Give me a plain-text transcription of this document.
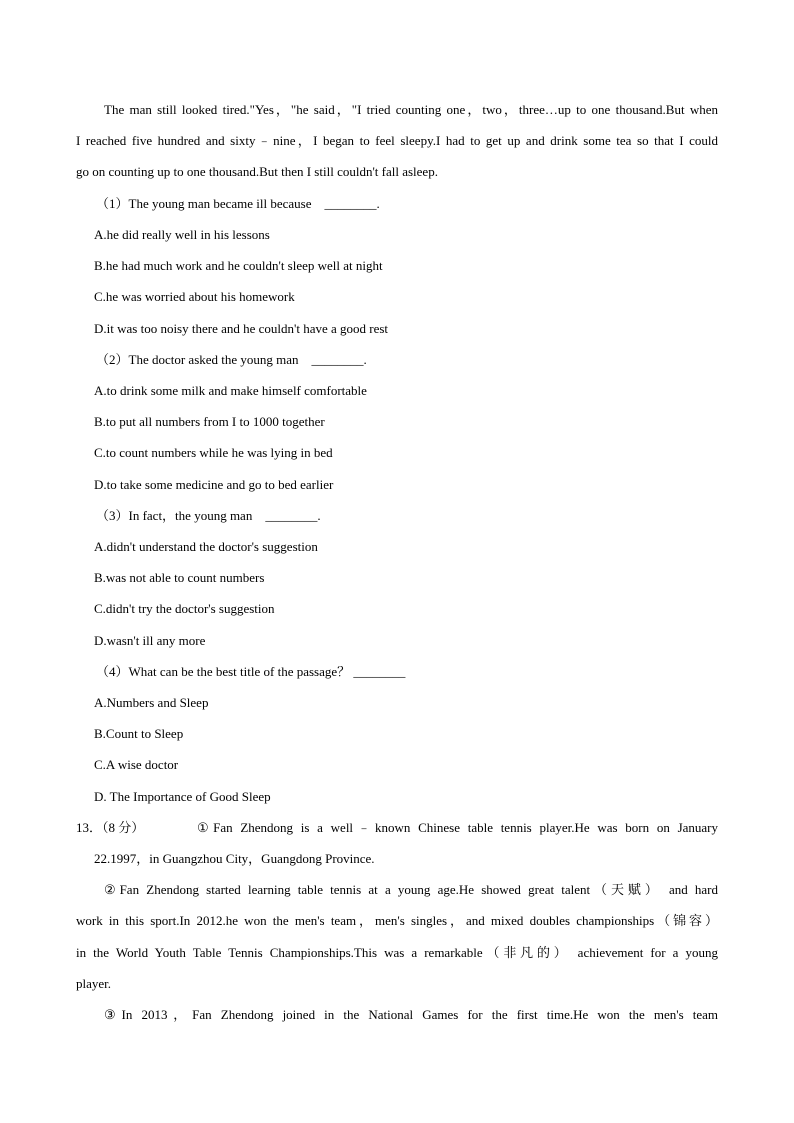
The man still looked tired."Yes，"he said，"I tried counting one，two，three…up to one thousand.But when
I reached five hundred and sixty﹣nine，I began to feel sleepy.I had to get up and drink some tea so that I could
go on counting up to one thousand.But then I still couldn't fall asleep.
（1）The young man became ill because　________.
A.he did really well in his lessons
B.he had much work and he couldn't sleep well at night
C.he was worried about his homework
D.it was too noisy there and he couldn't have a good rest
（2）The doctor asked the young man　________.
A.to drink some milk and make himself comfortable
B.to put all numbers from I to 1000 together
C.to count numbers while he was lying in bed
D.to take some medicine and go to bed earlier
（3）In fact，the young man　________.
A.didn't understand the doctor's suggestion
B.was not able to count numbers
C.didn't try the doctor's suggestion
D.wasn't ill any more
（4）What can be the best title of the passage？ ________
A.Numbers and Sleep
B.Count to Sleep
C.A wise doctor
D. The Importance of Good Sleep
13．（8 分）	①Fan Zhendong is a well﹣known Chinese table tennis player.He was born on January
22.1997，in Guangzhou City，Guangdong Province.
②Fan Zhendong started learning table tennis at a young age.He showed great talent（天赋） and hard
work in this sport.In 2012.he won the men's team，men's singles，and mixed doubles championships（锦容）
in the World Youth Table Tennis Championships.This was a remarkable（非凡的） achievement for a young
player.
③In 2013，Fan Zhendong joined in the National Games for the first time.He won the men's team
